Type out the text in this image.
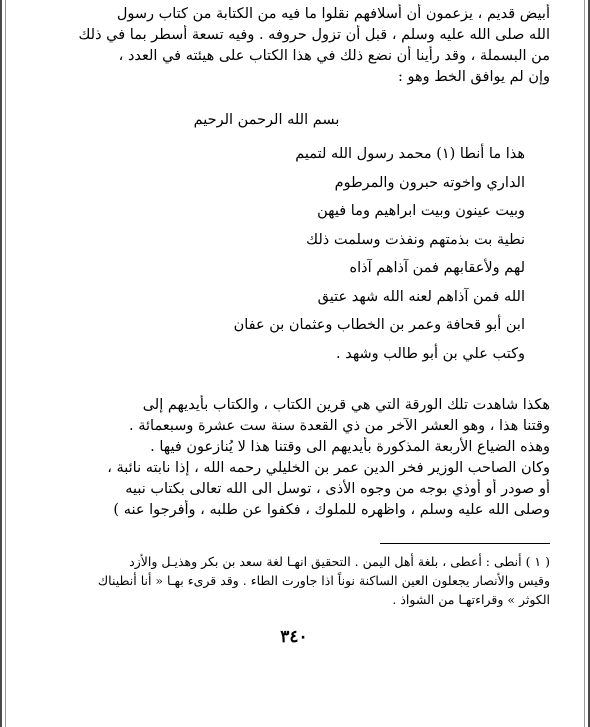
أبيض قديم ، يزعمون أن أسلافهم نقلوا ما فيه من الكتابة من كتاب رسول
الله صلى الله عليه وسلم ، قبل أن تزول حروفه . وفيه تسعة أسطر بما في ذلك
من البسملة ، وقد رأينا أن نضع ذلك في هذا الكتاب على هيئته في العدد ،
وإن لم يوافق الخط وهو :
بسم الله الرحمن الرحيم
هذا ما أنطا (١) محمد رسول الله لتميم
الداري واخوته حبرون والمرطوم
وبيت عينون وبيت ابراهيم وما فيهن
نطية بت بذمتهم ونفذت وسلمت ذلك
لهم ولأعقابهم فمن آذاهم آذاه
الله فمن آذاهم لعنه الله شهد عتيق
ابن أبو قحافة وعمر بن الخطاب وعثمان بن عفان
وكتب علي بن أبو طالب وشهد .
هكذا شاهدت تلك الورقة التي هي قرين الكتاب ، والكتاب بأيديهم إلى
وقتنا هذا ، وهو العشر الآخر من ذي القعدة سنة ست عشرة وسبعمائة .
وهذه الضياع الأربعة المذكورة بأيديهم الى وقتنا هذا لا يُنازعون فيها .
وكان الصاحب الوزير فخر الدين عمر بن الخليلي رحمه الله ، إذا نابته نائبة ،
أو صودر أو أوذي بوجه من وجوه الأذى ، توسل الى الله تعالى بكتاب نبيه
وصلى الله عليه وسلم ، واظهره للملوك ، فكفوا عن طلبه ، وأفرجوا عنه )
( ١ ) أنطى : أعطى ، بلغة أهل اليمن . التحقيق انهـا لغة سعد بن بكر وهذيـل والأزد
وقيس والأنصار يجعلون العين الساكنة نوناً اذا جاورت الطاء . وقد قرىء بهـا « أنا أنطيناك
الكوثر » وقراءتهـا من الشواذ .
٣٤٠
